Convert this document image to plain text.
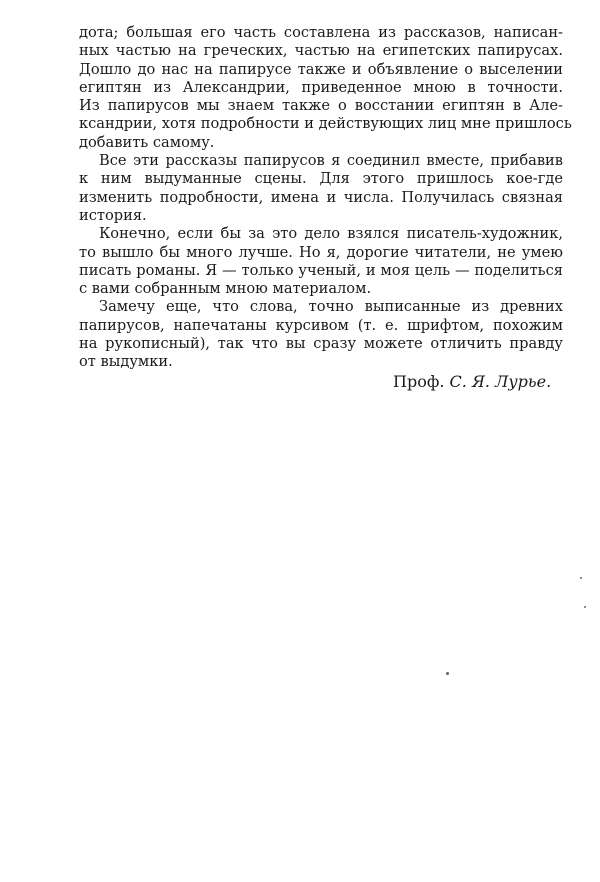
дота; большая его часть составлена из рассказов, написан-
ных частью на греческих, частью на египетских папирусах.
Дошло до нас на папирусе также и объявление о выселении
египтян из Александрии, приведенное мною в точности.
Из папирусов мы знаем также о восстании египтян в Але-
ксандрии, хотя подробности и действующих лиц мне пришлось
добавить самому.
Все эти рассказы папирусов я соединил вместе, прибавив
к ним выдуманные сцены. Для этого пришлось кое-где
изменить подробности, имена и числа. Получилась связная
история.
Конечно, если бы за это дело взялся писатель-художник,
то вышло бы много лучше. Но я, дорогие читатели, не умею
писать романы. Я — только ученый, и моя цель — поделиться
с вами собранным мною материалом.
Замечу еще, что слова, точно выписанные из древних
папирусов, напечатаны курсивом (т. е. шрифтом, похожим
на рукописный), так что вы сразу можете отличить правду
от выдумки.
Проф. С. Я. Лурье.
